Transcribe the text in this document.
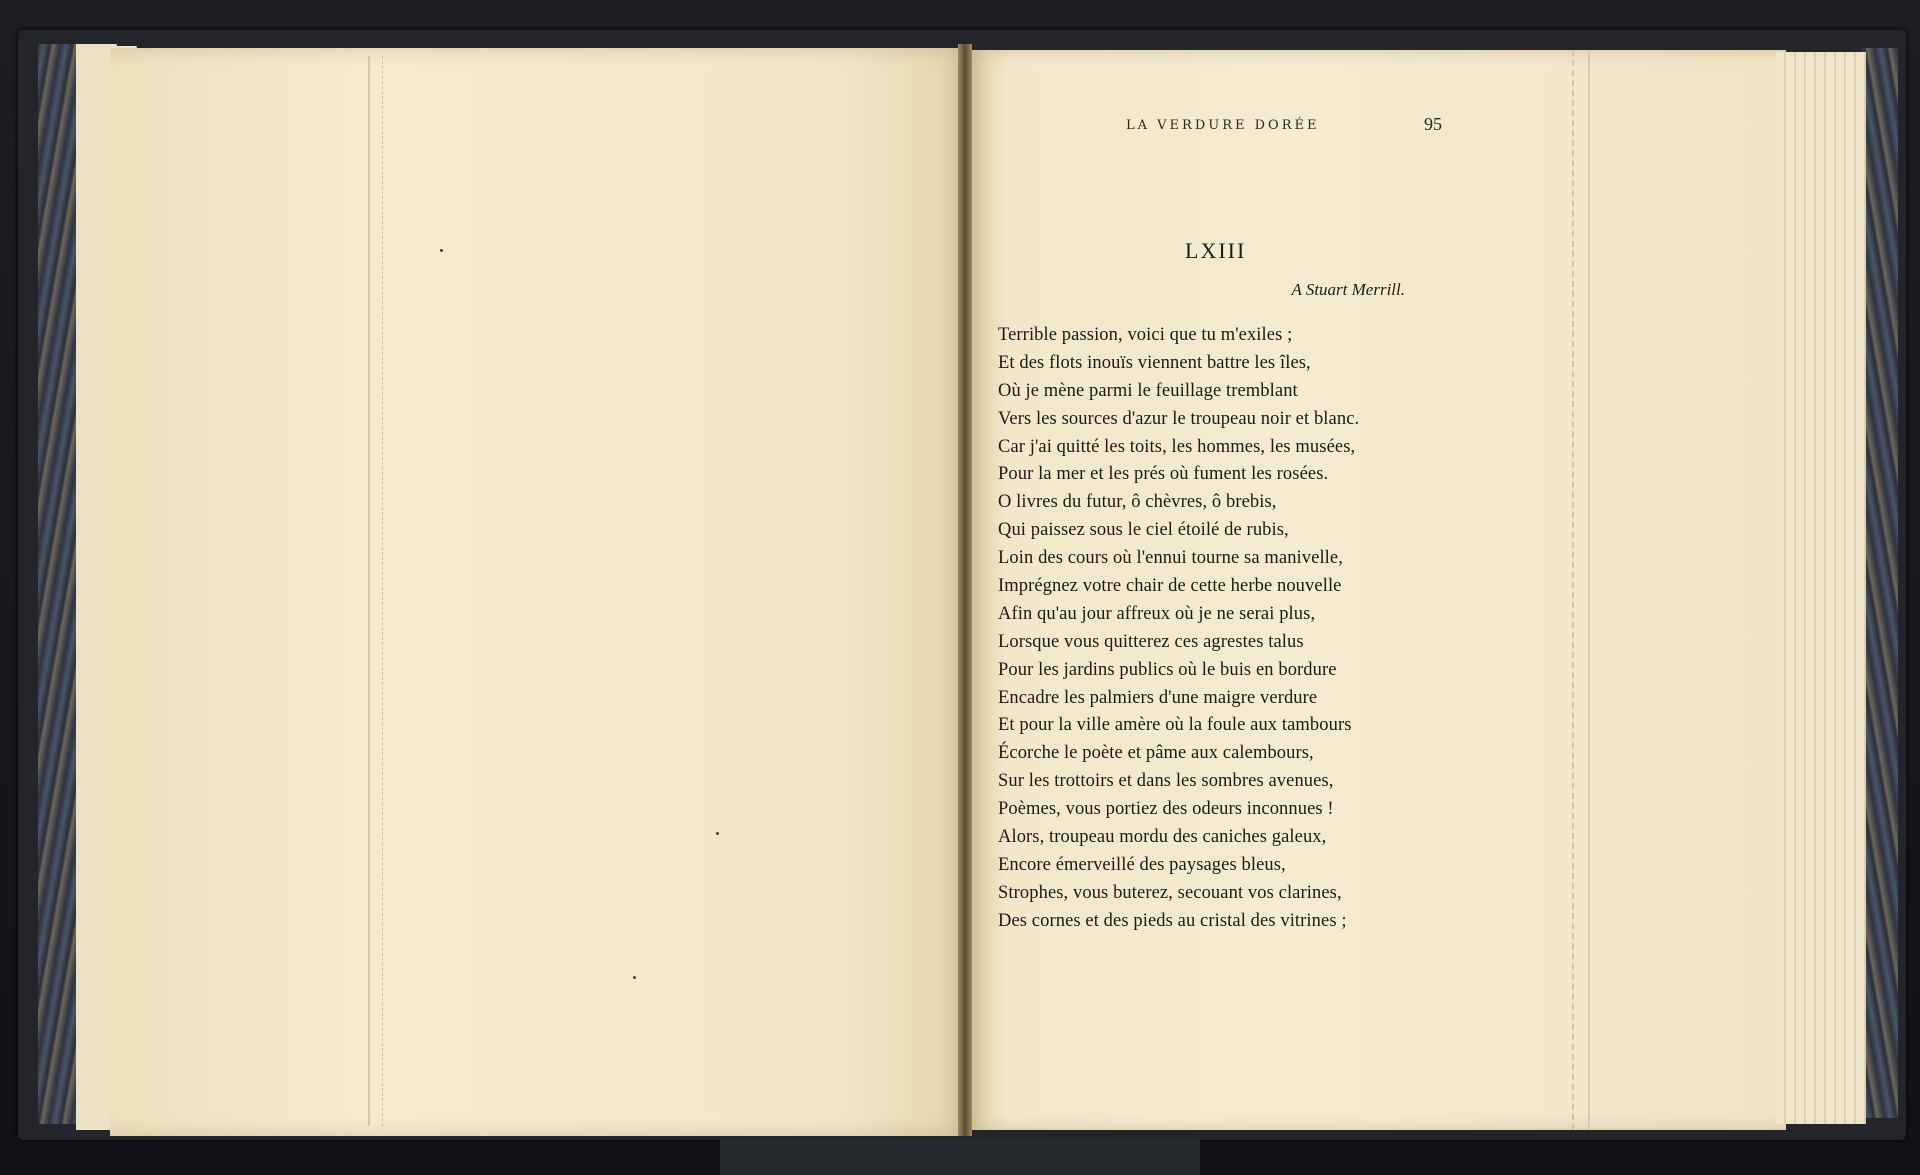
LA VERDURE DORÉE	95
LXIII
A Stuart Merrill.
Terrible passion, voici que tu m'exiles ;
Et des flots inouïs viennent battre les îles,
Où je mène parmi le feuillage tremblant
Vers les sources d'azur le troupeau noir et blanc.
Car j'ai quitté les toits, les hommes, les musées,
Pour la mer et les prés où fument les rosées.
O livres du futur, ô chèvres, ô brebis,
Qui paissez sous le ciel étoilé de rubis,
Loin des cours où l'ennui tourne sa manivelle,
Imprégnez votre chair de cette herbe nouvelle
Afin qu'au jour affreux où je ne serai plus,
Lorsque vous quitterez ces agrestes talus
Pour les jardins publics où le buis en bordure
Encadre les palmiers d'une maigre verdure
Et pour la ville amère où la foule aux tambours
Écorche le poète et pâme aux calembours,
Sur les trottoirs et dans les sombres avenues,
Poèmes, vous portiez des odeurs inconnues !
Alors, troupeau mordu des caniches galeux,
Encore émerveillé des paysages bleus,
Strophes, vous buterez, secouant vos clarines,
Des cornes et des pieds au cristal des vitrines ;
